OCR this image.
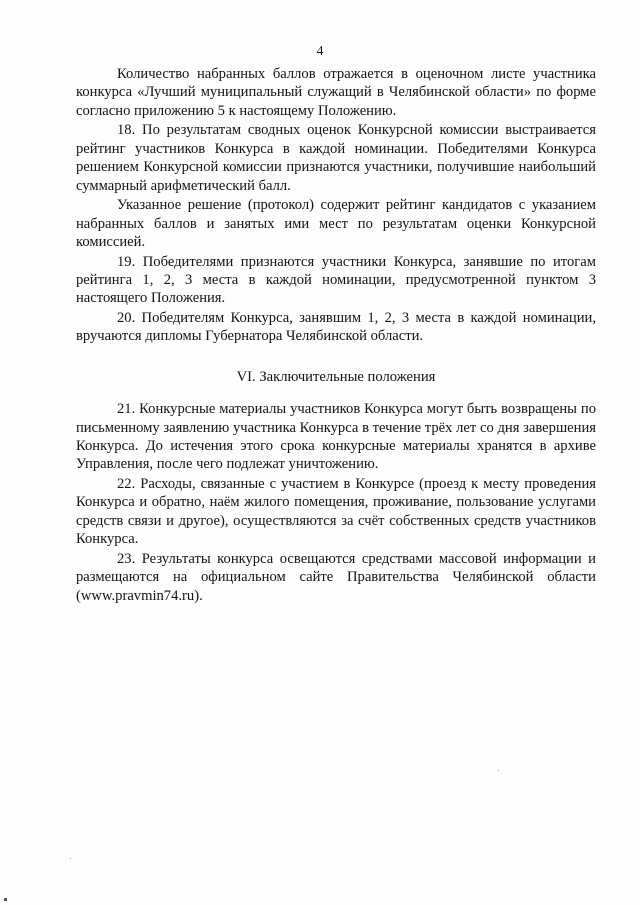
4

Количество набранных баллов отражается в оценочном листе участника конкурса «Лучший муниципальный служащий в Челябинской области» по форме согласно приложению 5 к настоящему Положению.

18. По результатам сводных оценок Конкурсной комиссии выстраивается рейтинг участников Конкурса в каждой номинации. Победителями Конкурса решением Конкурсной комиссии признаются участники, получившие наибольший суммарный арифметический балл.

Указанное решение (протокол) содержит рейтинг кандидатов с указанием набранных баллов и занятых ими мест по результатам оценки Конкурсной комиссией.

19. Победителями признаются участники Конкурса, занявшие по итогам рейтинга 1, 2, 3 места в каждой номинации, предусмотренной пунктом 3 настоящего Положения.

20. Победителям Конкурса, занявшим 1, 2, 3 места в каждой номинации, вручаются дипломы Губернатора Челябинской области.

VI. Заключительные положения

21. Конкурсные материалы участников Конкурса могут быть возвращены по письменному заявлению участника Конкурса в течение трёх лет со дня завершения Конкурса. До истечения этого срока конкурсные материалы хранятся в архиве Управления, после чего подлежат уничтожению.

22. Расходы, связанные с участием в Конкурсе (проезд к месту проведения Конкурса и обратно, наём жилого помещения, проживание, пользование услугами средств связи и другое), осуществляются за счёт собственных средств участников Конкурса.

23. Результаты конкурса освещаются средствами массовой информации и размещаются на официальном сайте Правительства Челябинской области (www.pravmin74.ru).
